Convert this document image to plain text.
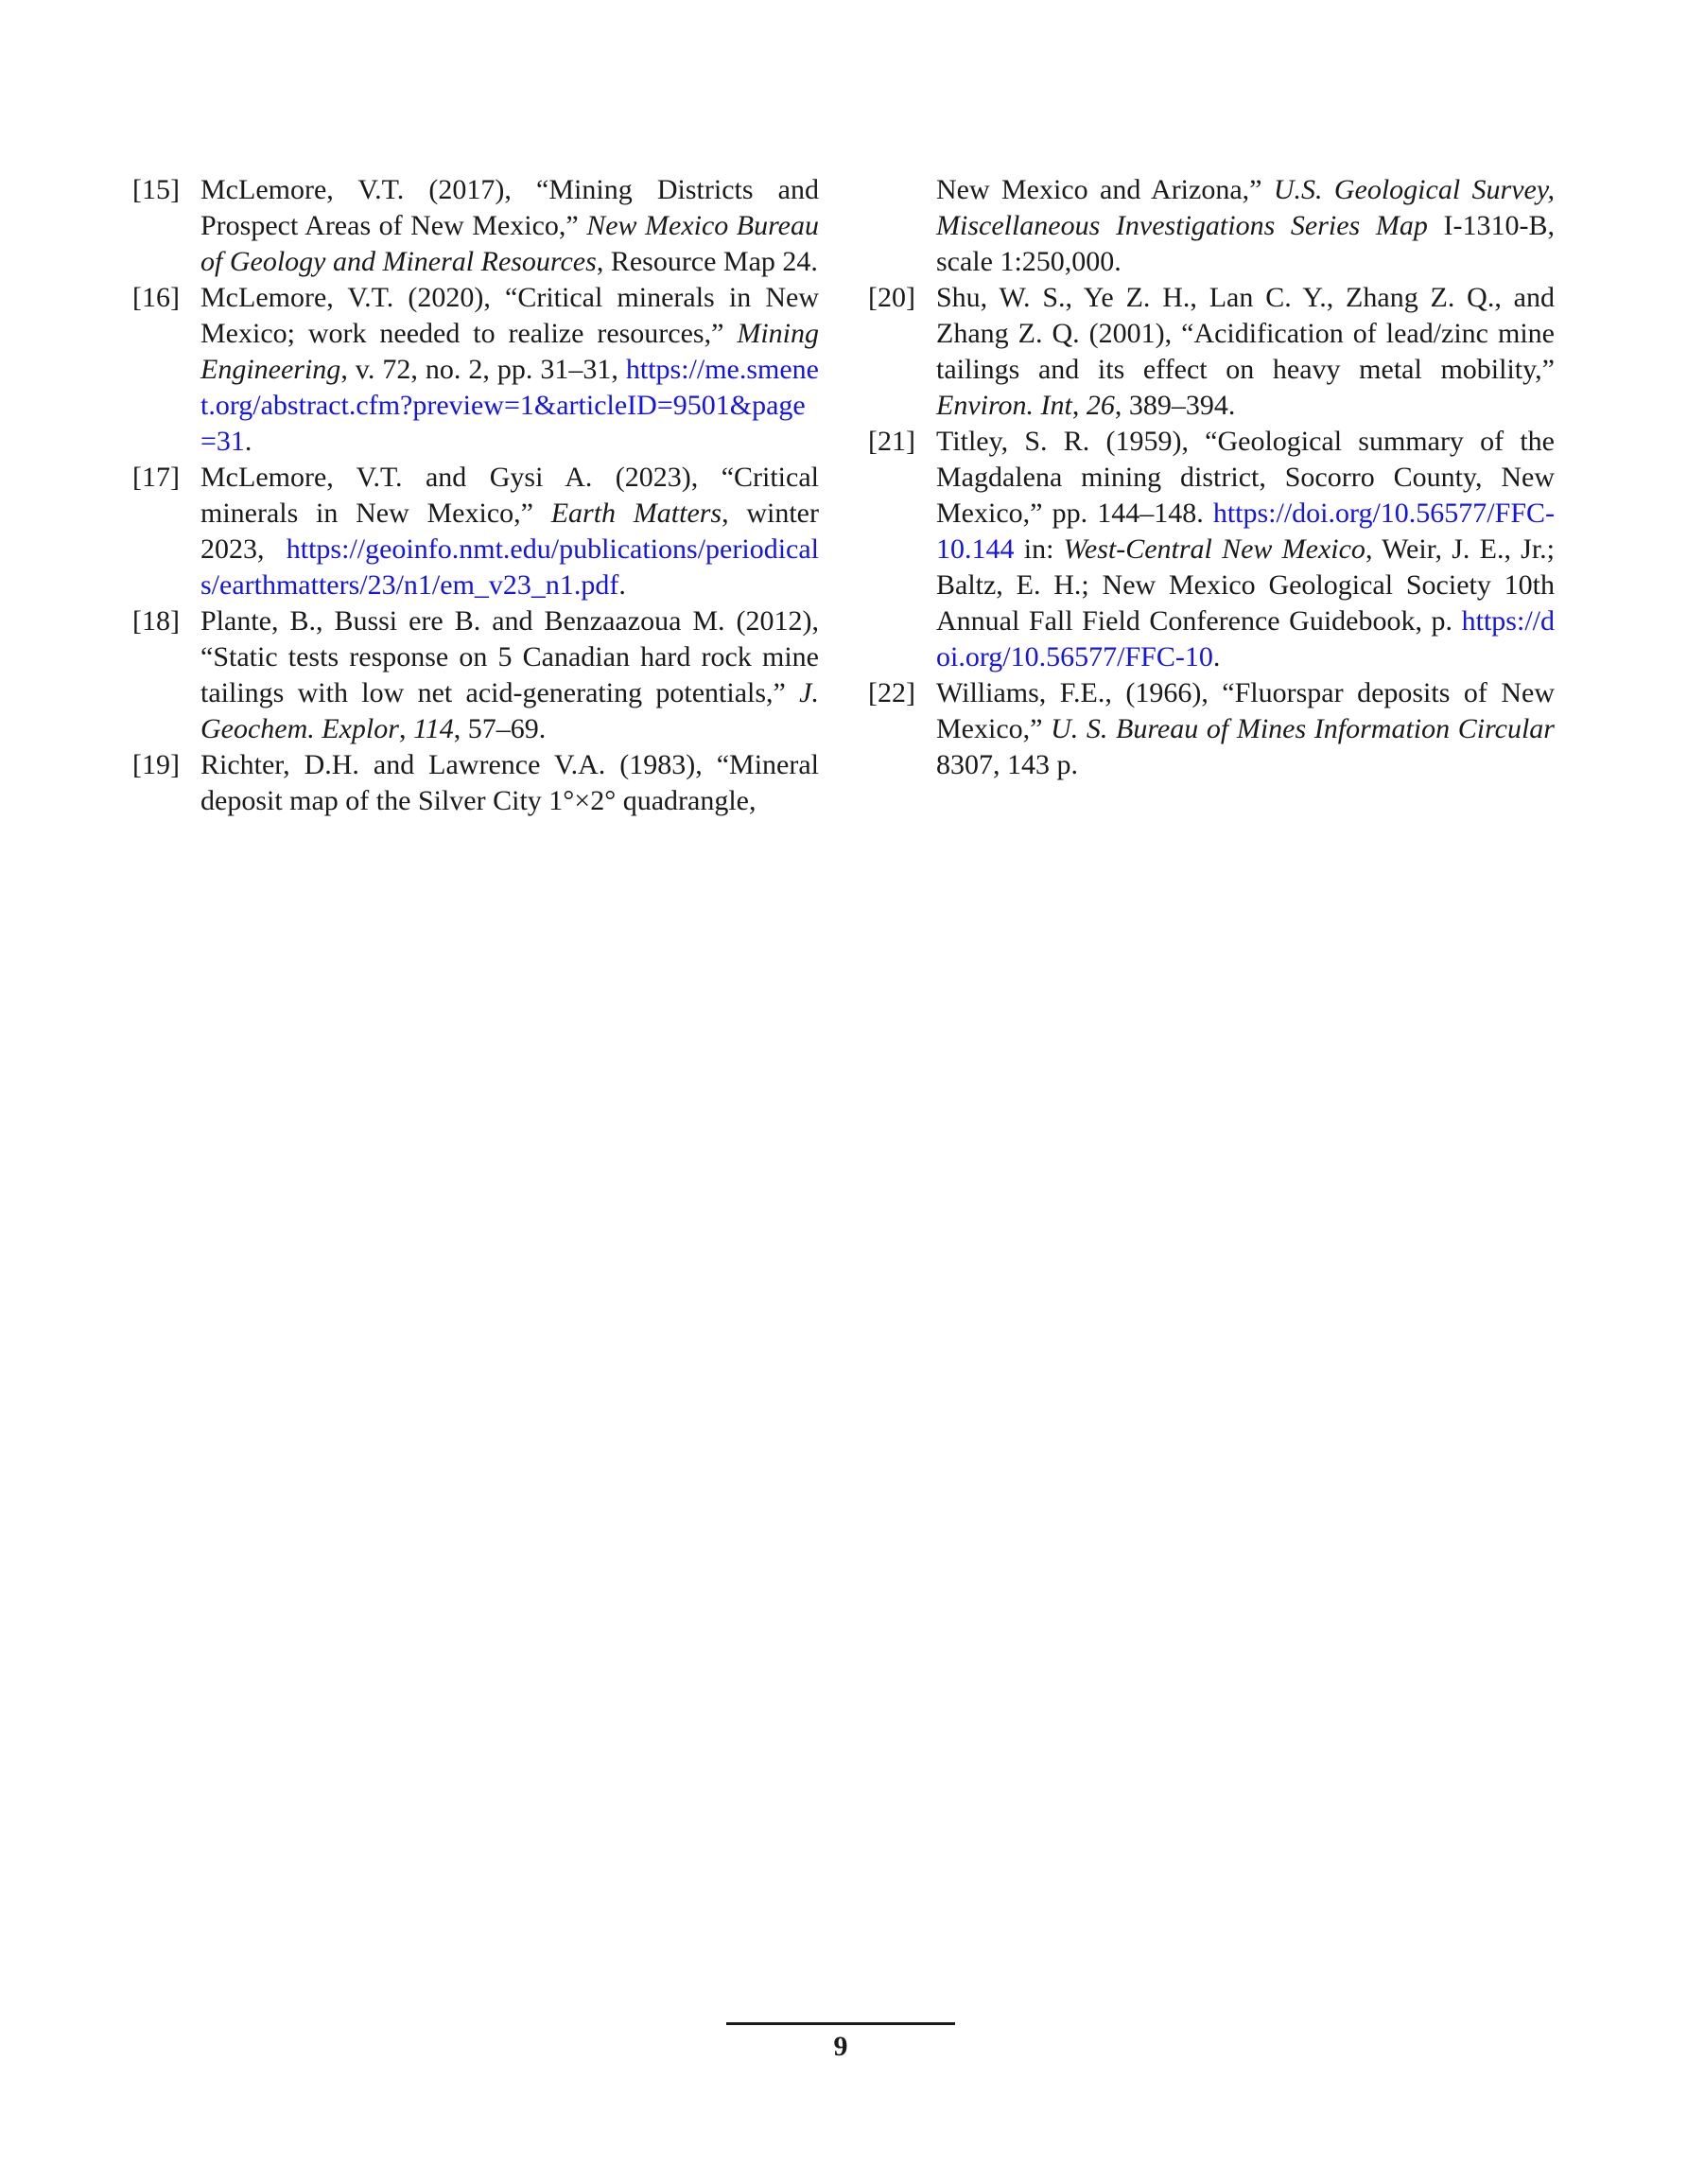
[15] McLemore, V.T. (2017), “Mining Districts and Prospect Areas of New Mexico,” New Mexico Bureau of Geology and Mineral Resources, Resource Map 24.

[16] McLemore, V.T. (2020), “Critical minerals in New Mexico; work needed to realize resources,” Mining Engineering, v. 72, no. 2, pp. 31–31, https://me.smenet.org/abstract.cfm?preview=1&articleID=9501&page=31.

[17] McLemore, V.T. and Gysi A. (2023), “Critical minerals in New Mexico,” Earth Matters, winter 2023, https://geoinfo.nmt.edu/publications/periodicals/earthmatters/23/n1/em_v23_n1.pdf.

[18] Plante, B., Bussi ere B. and Benzaazoua M. (2012), “Static tests response on 5 Canadian hard rock mine tailings with low net acid-generating potentials,” J. Geochem. Explor, 114, 57–69.

[19] Richter, D.H. and Lawrence V.A. (1983), “Mineral deposit map of the Silver City 1°×2° quadrangle,

New Mexico and Arizona,” U.S. Geological Survey, Miscellaneous Investigations Series Map I-1310-B, scale 1:250,000.

[20] Shu, W. S., Ye Z. H., Lan C. Y., Zhang Z. Q., and Zhang Z. Q. (2001), “Acidification of lead/zinc mine tailings and its effect on heavy metal mobility,” Environ. Int, 26, 389–394.

[21] Titley, S. R. (1959), “Geological summary of the Magdalena mining district, Socorro County, New Mexico,” pp. 144–148. https://doi.org/10.56577/FFC-10.144 in: West-Central New Mexico, Weir, J. E., Jr.; Baltz, E. H.; New Mexico Geological Society 10th Annual Fall Field Conference Guidebook, p. https://doi.org/10.56577/FFC-10.

[22] Williams, F.E., (1966), “Fluorspar deposits of New Mexico,” U. S. Bureau of Mines Information Circular 8307, 143 p.

9
